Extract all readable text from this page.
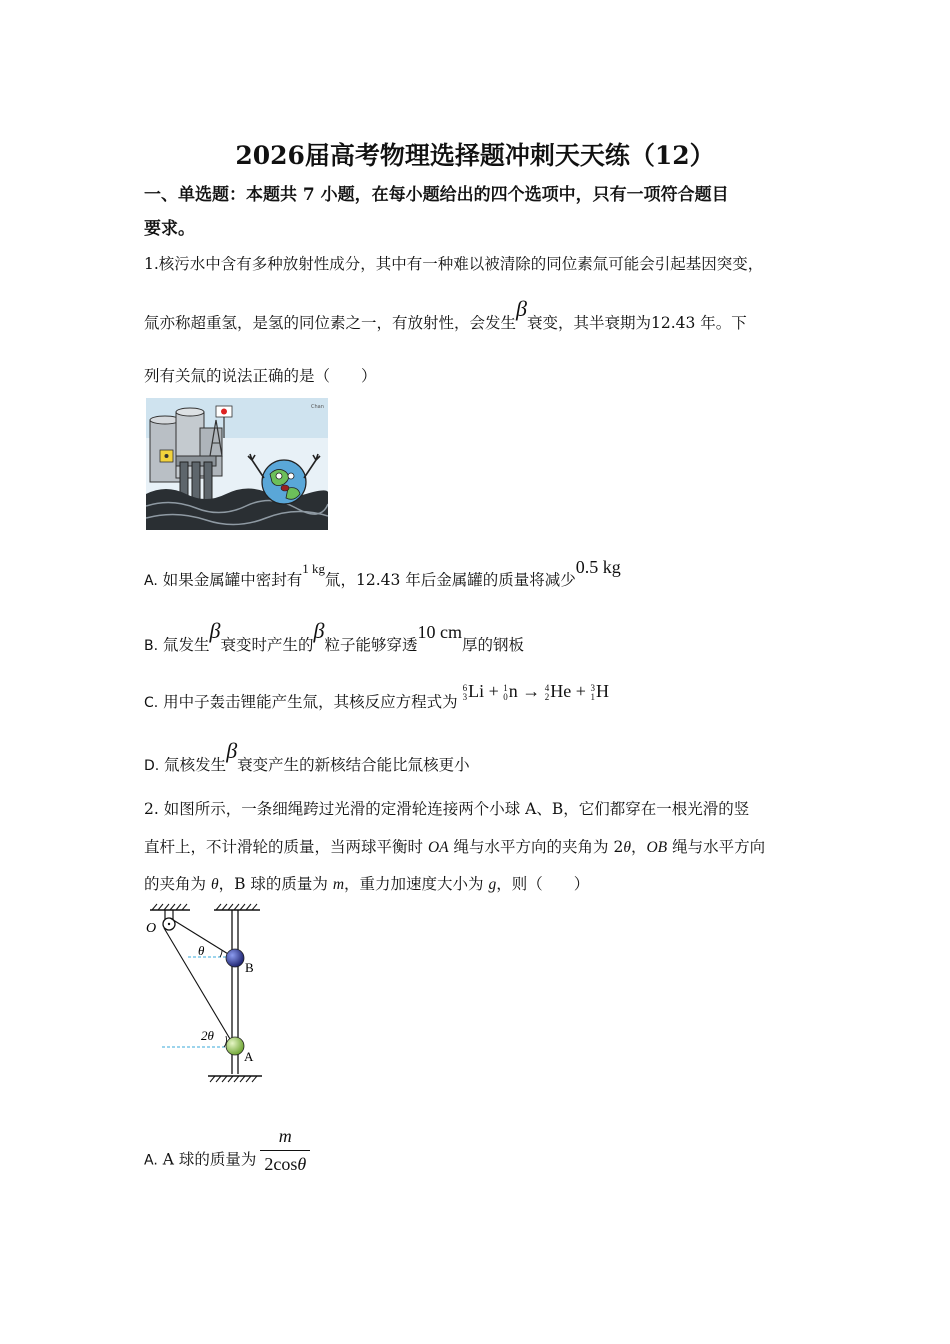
2026届高考物理选择题冲刺天天练（12）
一、单选题：本题共 7 小题，在每小题给出的四个选项中，只有一项符合题目
要求。
1.核污水中含有多种放射性成分，其中有一种难以被清除的同位素氚可能会引起基因突变，
氚亦称超重氢，是氢的同位素之一，有放射性，会发生β衰变，其半衰期为12.43 年。下
列有关氚的说法正确的是（　　）
Chan
A. 如果金属罐中密封有$^{1 kg}$氚，12.43 年后金属罐的质量将减少0.5 kg
B. 氚发生β衰变时产生的β粒子能够穿透10 cm厚的钢板
C. 用中子轰击锂能产生氚，其核反应方程式为
6
3 Li + 1
0 n → 4
2 He + 3
1 H
D. 氚核发生β衰变产生的新核结合能比氚核更小
2. 如图所示，一条细绳跨过光滑的定滑轮连接两个小球 A、B，它们都穿在一根光滑的竖
直杆上，不计滑轮的质量，当两球平衡时 OA 绳与水平方向的夹角为 2θ，OB 绳与水平方向
的夹角为 θ，B 球的质量为 m，重力加速度大小为 g，则（　　）
O
θ
2θ
B
A
A. A 球的质量为 $\frac{m}{2\cos\theta}$
